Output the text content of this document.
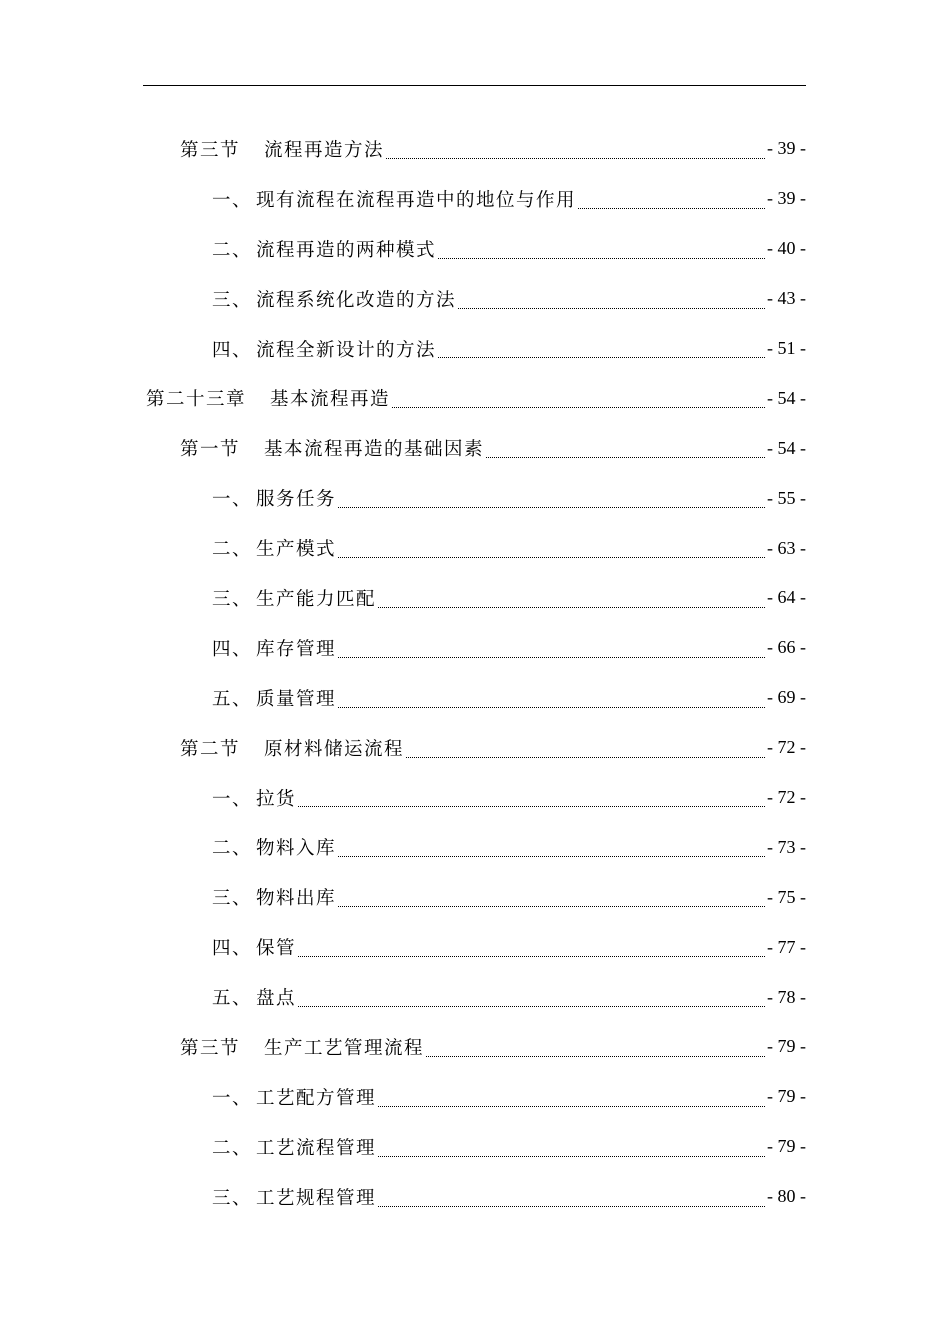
第三节 流程再造方法	- 39 -
一、 现有流程在流程再造中的地位与作用	- 39 -
二、 流程再造的两种模式	- 40 -
三、 流程系统化改造的方法	- 43 -
四、 流程全新设计的方法	- 51 -
第二十三章 基本流程再造	- 54 -
第一节 基本流程再造的基础因素	- 54 -
一、 服务任务	- 55 -
二、 生产模式	- 63 -
三、 生产能力匹配	- 64 -
四、 库存管理	- 66 -
五、 质量管理	- 69 -
第二节 原材料储运流程	- 72 -
一、 拉货	- 72 -
二、 物料入库	- 73 -
三、 物料出库	- 75 -
四、 保管	- 77 -
五、 盘点	- 78 -
第三节 生产工艺管理流程	- 79 -
一、 工艺配方管理	- 79 -
二、 工艺流程管理	- 79 -
三、 工艺规程管理	- 80 -
